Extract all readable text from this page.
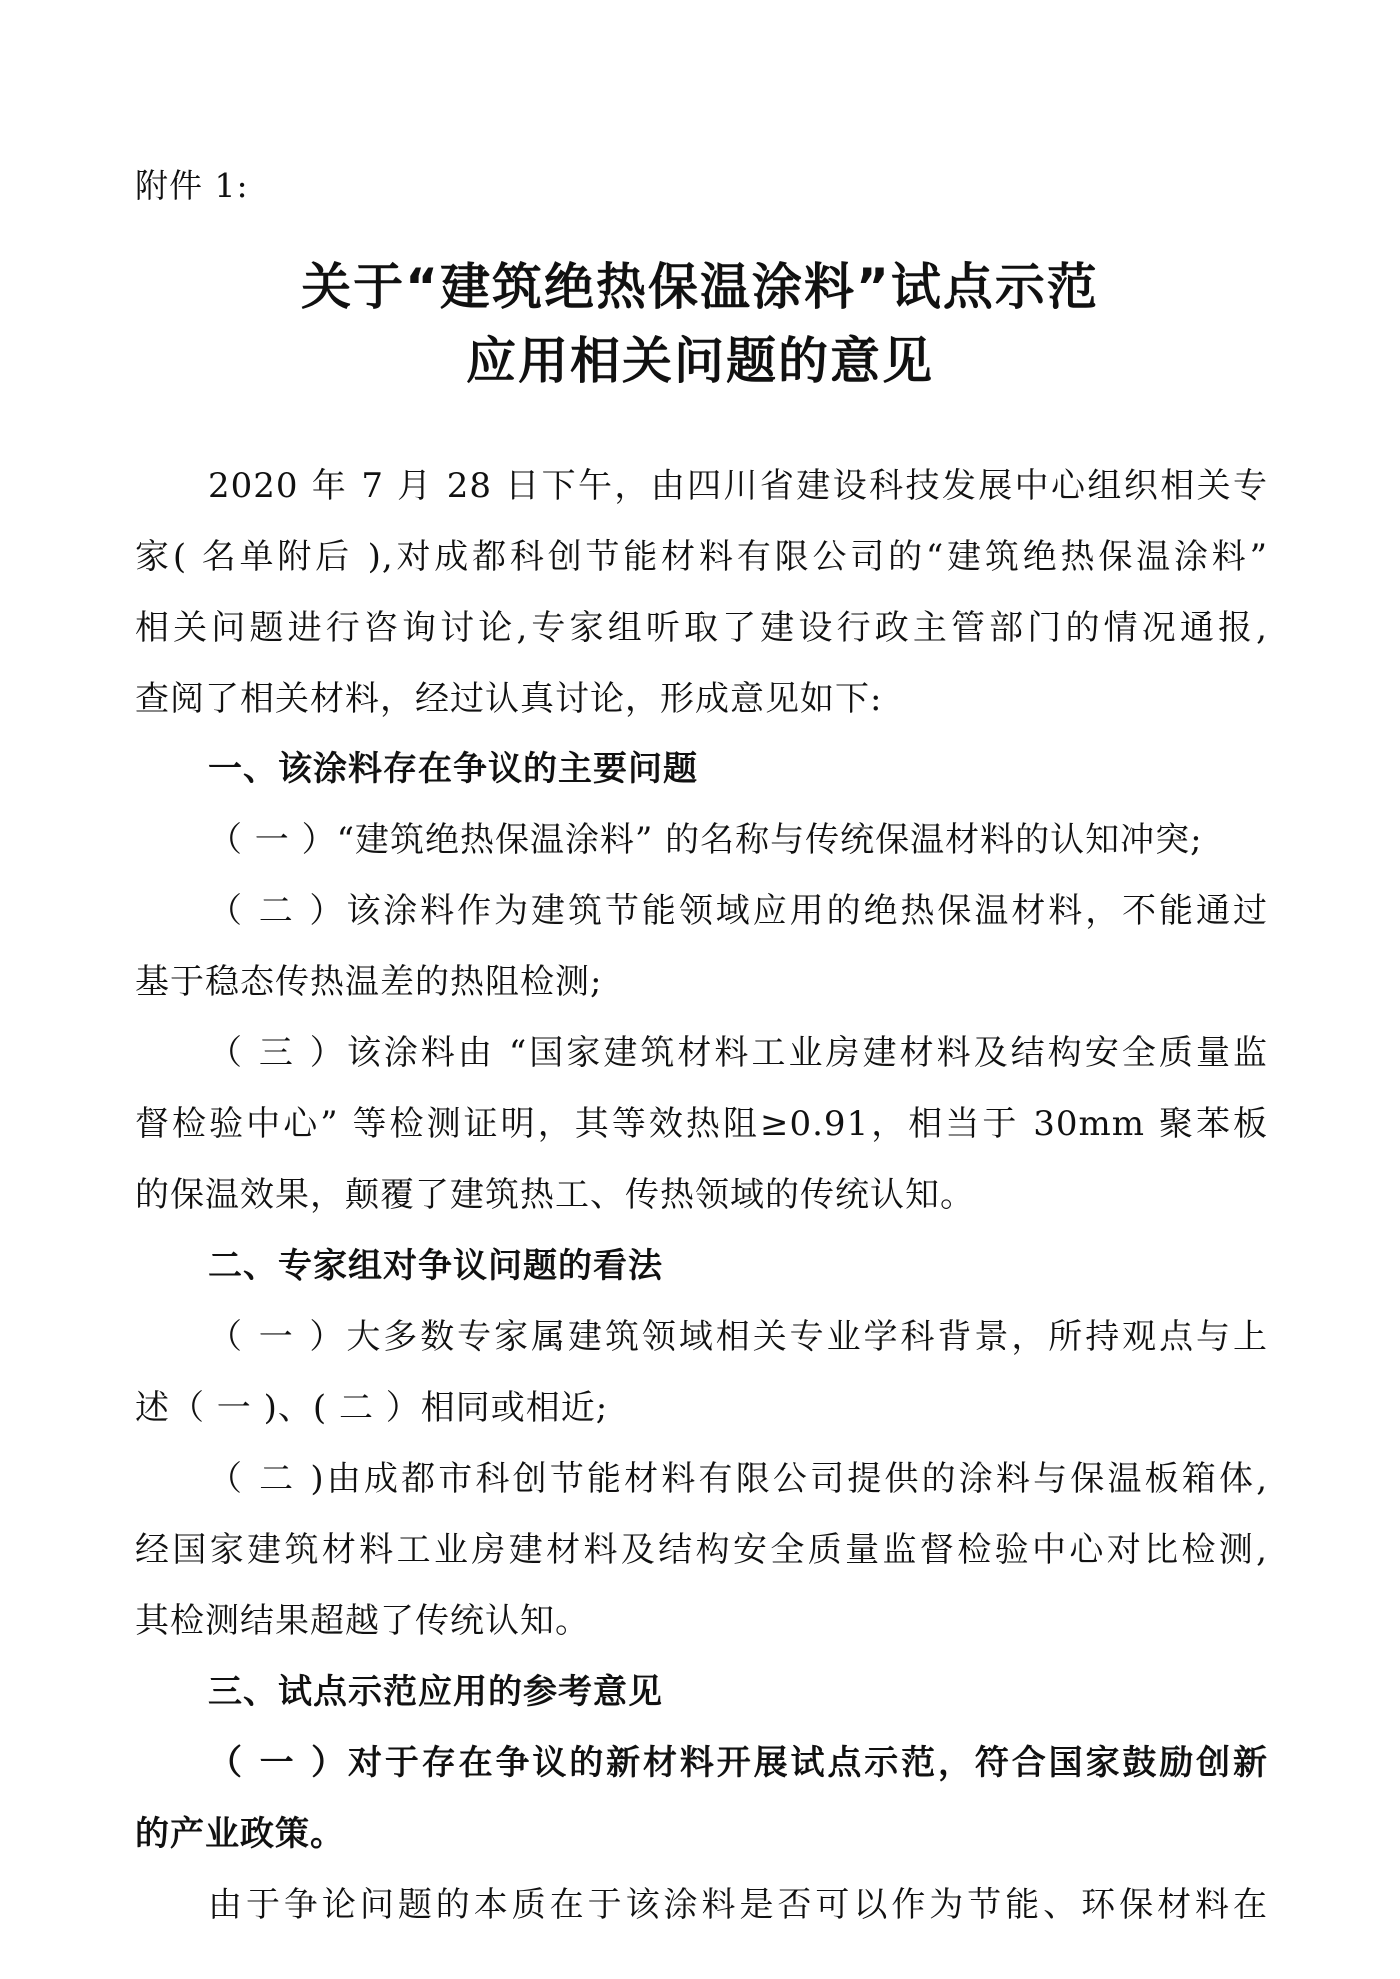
附件 1:
关于“建筑绝热保温涂料”试点示范
应用相关问题的意见
2020 年 7 月 28 日下午，由四川省建设科技发展中心组织相关专
家( 名单附后 ),对成都科创节能材料有限公司的“建筑绝热保温涂料”
相关问题进行咨询讨论,专家组听取了建设行政主管部门的情况通报,
查阅了相关材料，经过认真讨论，形成意见如下:
一、该涂料存在争议的主要问题
（ 一 ）“建筑绝热保温涂料” 的名称与传统保温材料的认知冲突;
（ 二 ）该涂料作为建筑节能领域应用的绝热保温材料，不能通过
基于稳态传热温差的热阻检测;
（ 三 ）该涂料由 “国家建筑材料工业房建材料及结构安全质量监
督检验中心” 等检测证明，其等效热阻≥0.91，相当于 30mm 聚苯板
的保温效果，颠覆了建筑热工、传热领域的传统认知。
二、专家组对争议问题的看法
（ 一 ）大多数专家属建筑领域相关专业学科背景，所持观点与上
述（ 一 )、( 二 ）相同或相近;
（ 二 )由成都市科创节能材料有限公司提供的涂料与保温板箱体,
经国家建筑材料工业房建材料及结构安全质量监督检验中心对比检测,
其检测结果超越了传统认知。
三、试点示范应用的参考意见
（ 一 ）对于存在争议的新材料开展试点示范，符合国家鼓励创新
的产业政策。
由于争论问题的本质在于该涂料是否可以作为节能、环保材料在
